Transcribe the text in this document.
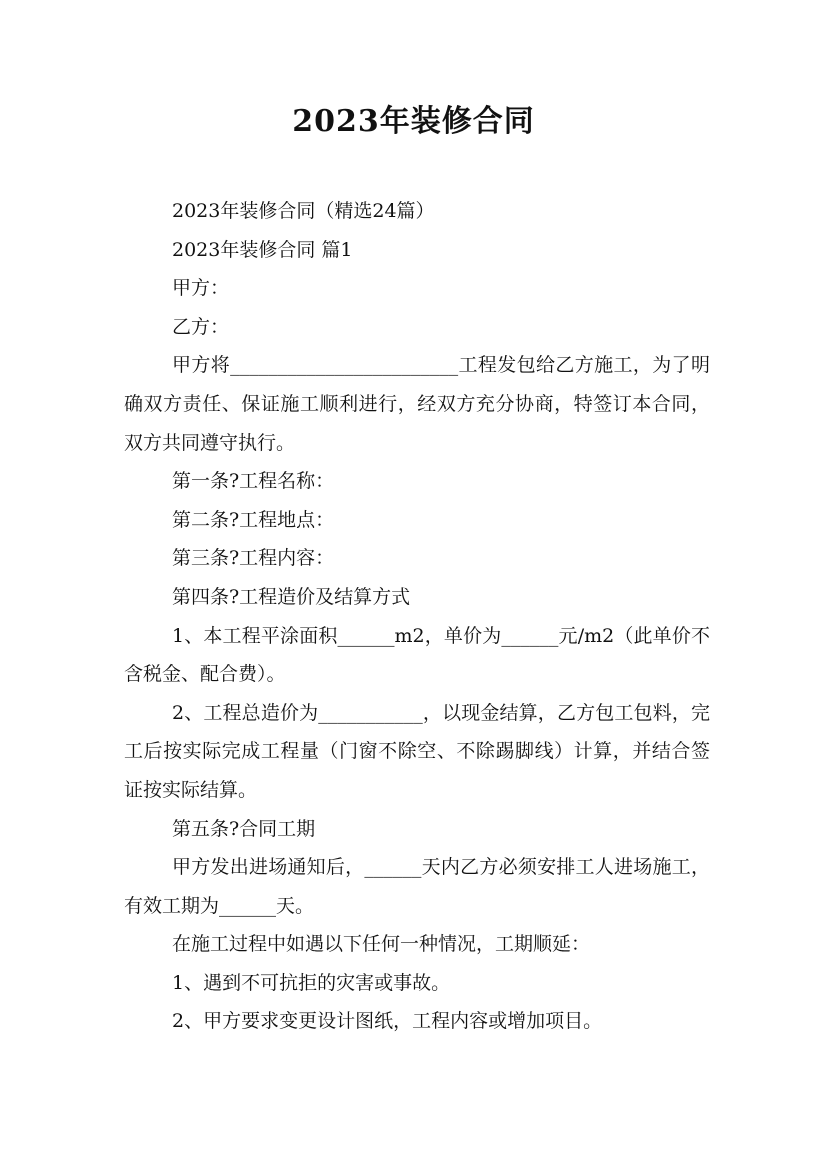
2023年装修合同

2023年装修合同（精选24篇）

2023年装修合同 篇1

甲方：

乙方：

甲方将________________________工程发包给乙方施工，为了明确双方责任、保证施工顺利进行，经双方充分协商，特签订本合同，双方共同遵守执行。

第一条?工程名称：

第二条?工程地点：

第三条?工程内容：

第四条?工程造价及结算方式

1、本工程平涂面积______m2，单价为______元/m2（此单价不含税金、配合费）。

2、工程总造价为___________，以现金结算，乙方包工包料，完工后按实际完成工程量（门窗不除空、不除踢脚线）计算，并结合签证按实际结算。

第五条?合同工期

甲方发出进场通知后，______天内乙方必须安排工人进场施工，有效工期为______天。

在施工过程中如遇以下任何一种情况，工期顺延：

1、遇到不可抗拒的灾害或事故。

2、甲方要求变更设计图纸，工程内容或增加项目。
